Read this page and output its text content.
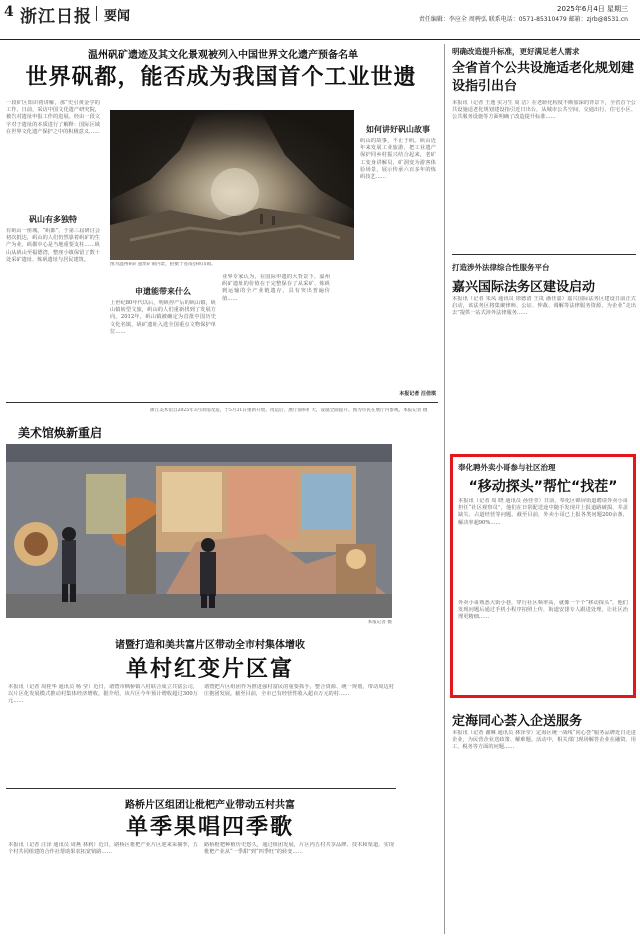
4 浙江日报 要闻	2025年6月4日 星期三
责任编辑：李应全 周骋弘 联系电话：0571-85310479 邮箱：zjrb@8531.cn
温州矾矿遗迹及其文化景观被列入中国世界文化遗产预备名单
世界矾都，能否成为我国首个工业世遗
一段矿区知识初讲解，那“史引黄金学的工作，日前，采访中国文化遗产研究院，被告对遗址申报工作的进展。经由一段文字对于遗址的本质进行了解释：国际区域在世界文化遗产保护之中的积极意义……
矾山有多独特
有矾山一座城，“矾都”，于第三届研讨会初次抵达，矾山的人们仍然靠着矾矿的生产为业，矾都中心是当地重要支柱……矾山从矾山至福德湾，整座小镇保留了数十处采矿遗址、炼矾遗址与居民建筑。
图为温州矾矿遗址矿洞内景，拍摄于苍南县矾山镇。
申遗能带来什么
上世纪80年代以后，明矾停产后的矾山镇，矾山镇转型文旅，矾山的人们重新找到了发展方向。2012年，矾山镇被确定为首批中国历史文化名镇，矾矿遗址入选全国重点文物保护单位……
业界专家认为，在国际申遗的大背景下，温州矾矿遗址的价值在于完整保存了从采矿、炼矾到运输的全产业链遗存，具有突出普遍价值……
如何讲好矾山故事
矾山的故事，不止于矾。矾山近年来发展工业旅游，把工业遗产保护同乡村振兴结合起来，老矿工变身讲解员，矿洞变为游客体验场景，展示传承六百多年的炼矾技艺……
本报记者 汪佳琪
美术馆焕新重启
浙江美术馆自2025年3月闭馆改造，于5月31日重新开放。改造后，展厅面积扩大，设施全面提升。图为市民在展厅内参观。本报记者 摄
本报记者 摄
诸暨打造和美共富片区带动全市村集体增收
单村红变片区富
本报讯（记者 周桂华 通讯员 杨 莹）近日，诸暨市枫桥镇八村联合成立共富公司，以片区化发展模式推动村集体经济增收。据介绍，该片区今年预计增收超过300万元……
诸暨把片区组团作为推进强村富民的重要抓手，整合资源、统一规划，带动周边村庄抱团发展。截至目前，全市已有经营性收入超百万元的村……
路桥片区组团让枇杷产业带动五村共富
单季果唱四季歌
本报讯（记者 汪泽 通讯员 周燕 林莉）近日，路桥区枇杷产业片区迎来采摘季，五个村共同组建的合作社帮助果农拓宽销路……
路桥枇杷种植历史悠久，通过组团发展，片区内五村共享品牌、技术和渠道，实现枇杷产业从“一季甜”到“四季旺”的转变……
明确改造提升标准，更好满足老人需求
全省首个公共设施适老化规划建设指引出台
本报讯（记者 王逸 实习生 周 洁）在老龄化程度不断加深的背景下，全省首个公共设施适老化规划建设指引近日出台，从城市公共空间、交通出行、住宅小区、公共服务设施等方面明确了改造提升标准……
打造涉外法律综合性服务平台
嘉兴国际法务区建设启动
本报讯（记者 朱凤 通讯员 徐德清 王岚 潘佳嘉）嘉兴国际法务区建设日前正式启动，该法务区将集聚律师、公证、仲裁、调解等法律服务资源，为企业“走出去”提供一站式涉外法律服务……
奉化聘外卖小哥参与社区治理
“移动探头”帮忙“找茬”
本报讯（记者 周 晓 通讯员 孙佳莹）日前，奉化区锦屏街道聘请外卖小哥担任“社区观察员”，他们在日常配送途中随手发现并上报道路破损、井盖缺失、占道经营等问题。截至目前，外卖小哥已上报各类问题200余条，解决率超90%……
外卖小哥熟悉大街小巷，穿行社区频率高，就像一个个“移动探头”，他们发现问题后通过手机小程序拍照上传，街道安排专人跟进处理，让社区治理更精细……
定海同心荟入企送服务
本报讯（记者 谢琳 通讯员 林泽莹）定海区统一战线“同心荟”服务品牌近日走进企业，为民营企业送政策、解难题。活动中，相关部门现场解答企业在融资、用工、税务等方面的问题……
